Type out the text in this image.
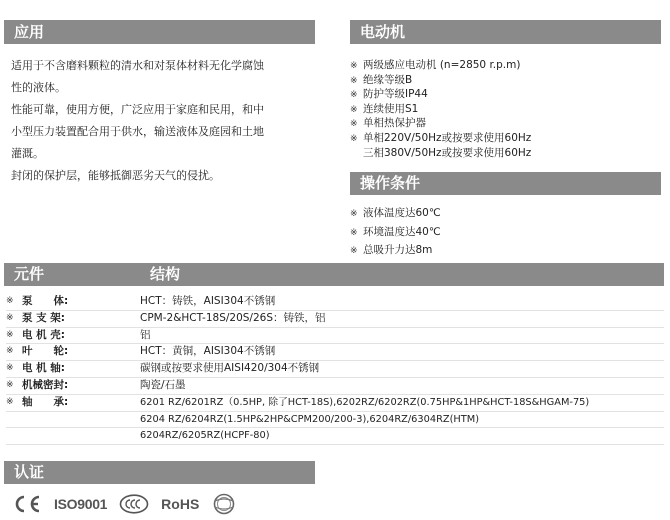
应用
适用于不含磨料颗粒的清水和对泵体材料无化学腐蚀
性的液体。
性能可靠，使用方便，广泛应用于家庭和民用，和中
小型压力装置配合用于供水，输送液体及庭园和土地
灌溉。
封闭的保护层，能够抵御恶劣天气的侵扰。
电动机
※ 两级感应电动机 (n=2850 r.p.m)
※ 绝缘等级B
※ 防护等级IP44
※ 连续使用S1
※ 单相热保护器
※ 单相220V/50Hz或按要求使用60Hz
三相380V/50Hz或按要求使用60Hz
操作条件
※ 液体温度达60℃
※ 环境温度达40℃
※ 总吸升力达8m
元件	结构
※ 泵　　体:	HCT：铸铁，AISI304不锈钢
※ 泵 支 架:	CPM-2&HCT-18S/20S/26S：铸铁，铝
※ 电 机 壳:	铝
※ 叶　　轮:	HCT：黄铜，AISI304不锈钢
※ 电 机 轴:	碳钢或按要求使用AISI420/304不锈钢
※ 机械密封:	陶瓷/石墨
※ 轴　　承:	6201 RZ/6201RZ（0.5HP, 除了HCT-18S),6202RZ/6202RZ(0.75HP&1HP&HCT-18S&HGAM-75)
6204 RZ/6204RZ(1.5HP&2HP&CPM200/200-3),6204RZ/6304RZ(HTM)
6204RZ/6205RZ(HCPF-80)
认证
ISO9001	RoHS
